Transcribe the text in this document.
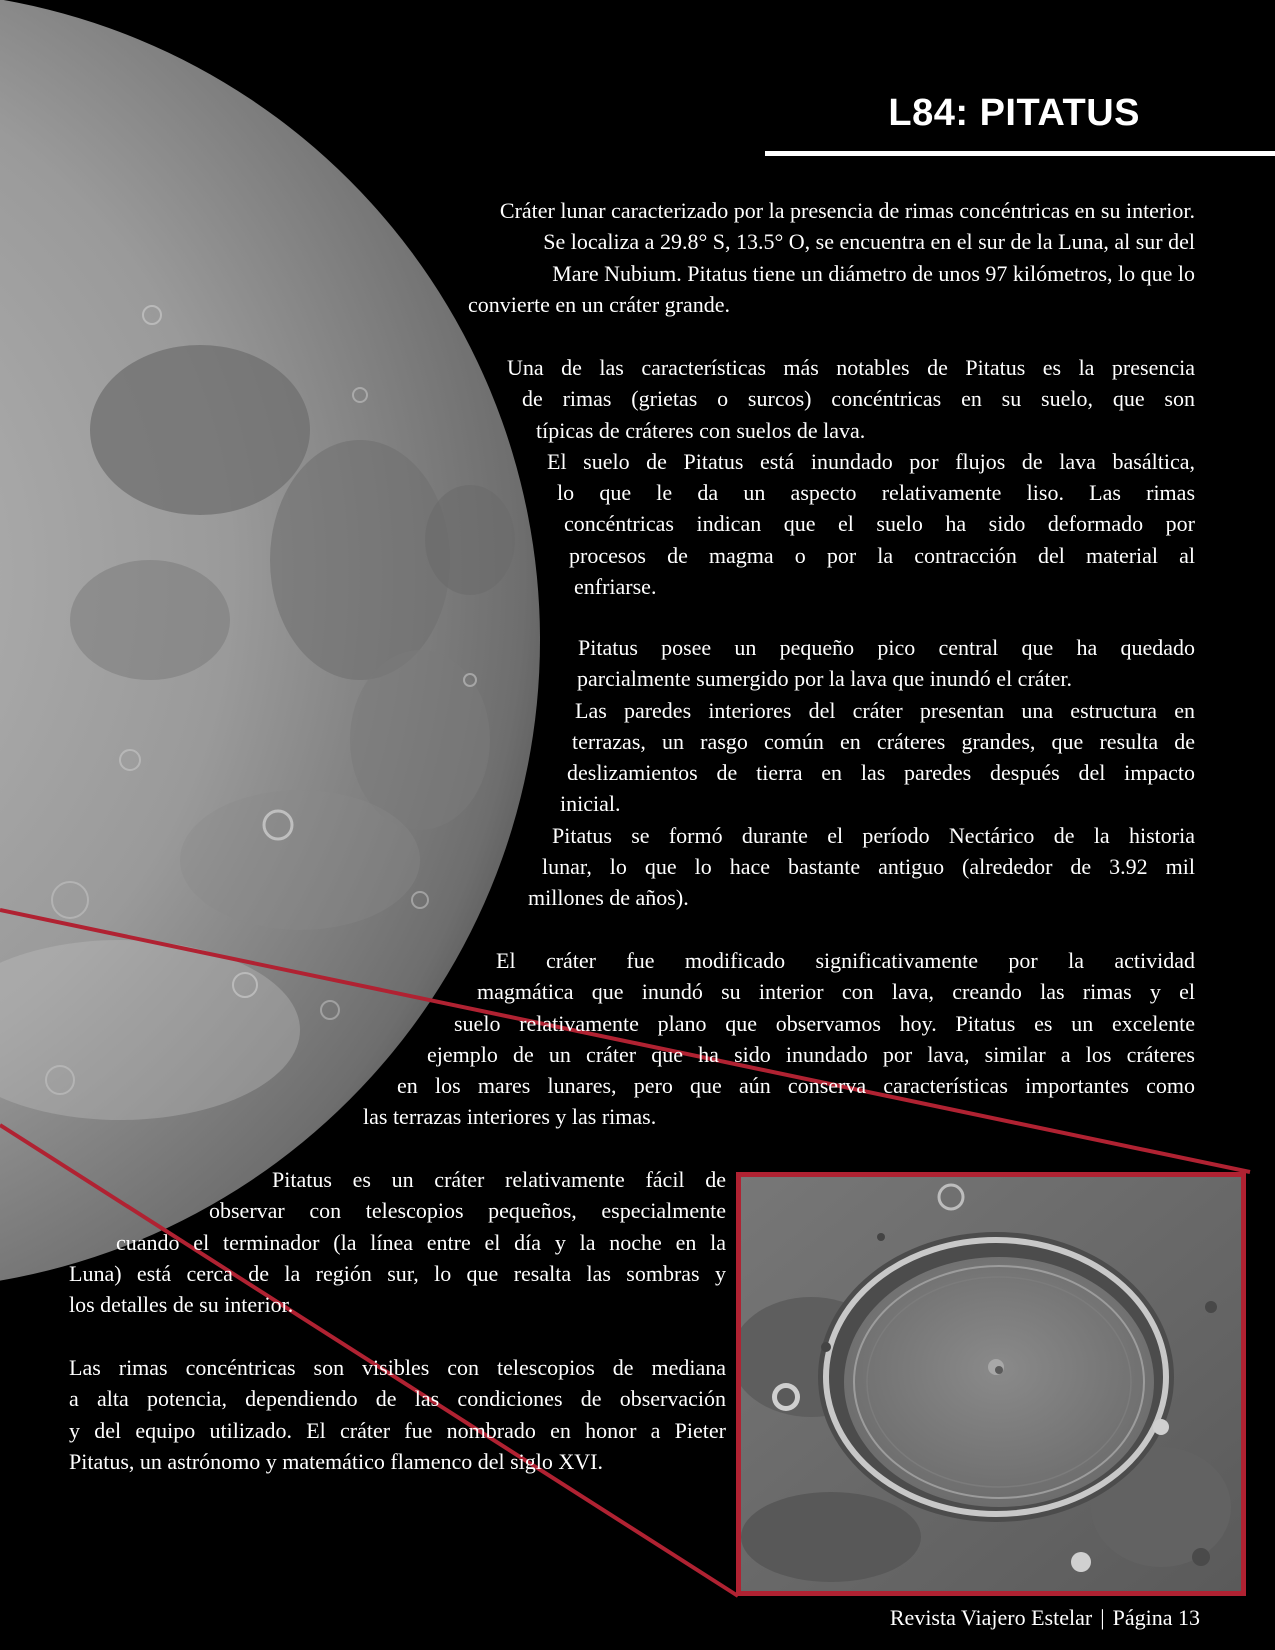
L84: PITATUS
Cráter lunar caracterizado por la presencia de rimas concéntricas en su interior.
Se localiza a 29.8° S, 13.5° O, se encuentra en el sur de la Luna, al sur del
Mare Nubium. Pitatus tiene un diámetro de unos 97 kilómetros, lo que lo
convierte en un cráter grande.
Una de las características más notables de Pitatus es la presencia
de rimas (grietas o surcos) concéntricas en su suelo, que son
típicas de cráteres con suelos de lava.
El suelo de Pitatus está inundado por flujos de lava basáltica,
lo que le da un aspecto relativamente liso. Las rimas
concéntricas indican que el suelo ha sido deformado por
procesos de magma o por la contracción del material al
enfriarse.
Pitatus posee un pequeño pico central que ha quedado
parcialmente sumergido por la lava que inundó el cráter.
Las paredes interiores del cráter presentan una estructura en
terrazas, un rasgo común en cráteres grandes, que resulta de
deslizamientos de tierra en las paredes después del impacto
inicial.
Pitatus se formó durante el período Nectárico de la historia
lunar, lo que lo hace bastante antiguo (alrededor de 3.92 mil
millones de años).
El cráter fue modificado significativamente por la actividad
magmática que inundó su interior con lava, creando las rimas y el
suelo relativamente plano que observamos hoy. Pitatus es un excelente
ejemplo de un cráter que ha sido inundado por lava, similar a los cráteres
en los mares lunares, pero que aún conserva características importantes como
las terrazas interiores y las rimas.
Pitatus es un cráter relativamente fácil de
observar con telescopios pequeños, especialmente
cuando el terminador (la línea entre el día y la noche en la
Luna) está cerca de la región sur, lo que resalta las sombras y
los detalles de su interior.
Las rimas concéntricas son visibles con telescopios de mediana
a alta potencia, dependiendo de las condiciones de observación
y del equipo utilizado. El cráter fue nombrado en honor a Pieter
Pitatus, un astrónomo y matemático flamenco del siglo XVI.
Revista Viajero Estelar | Página 13
